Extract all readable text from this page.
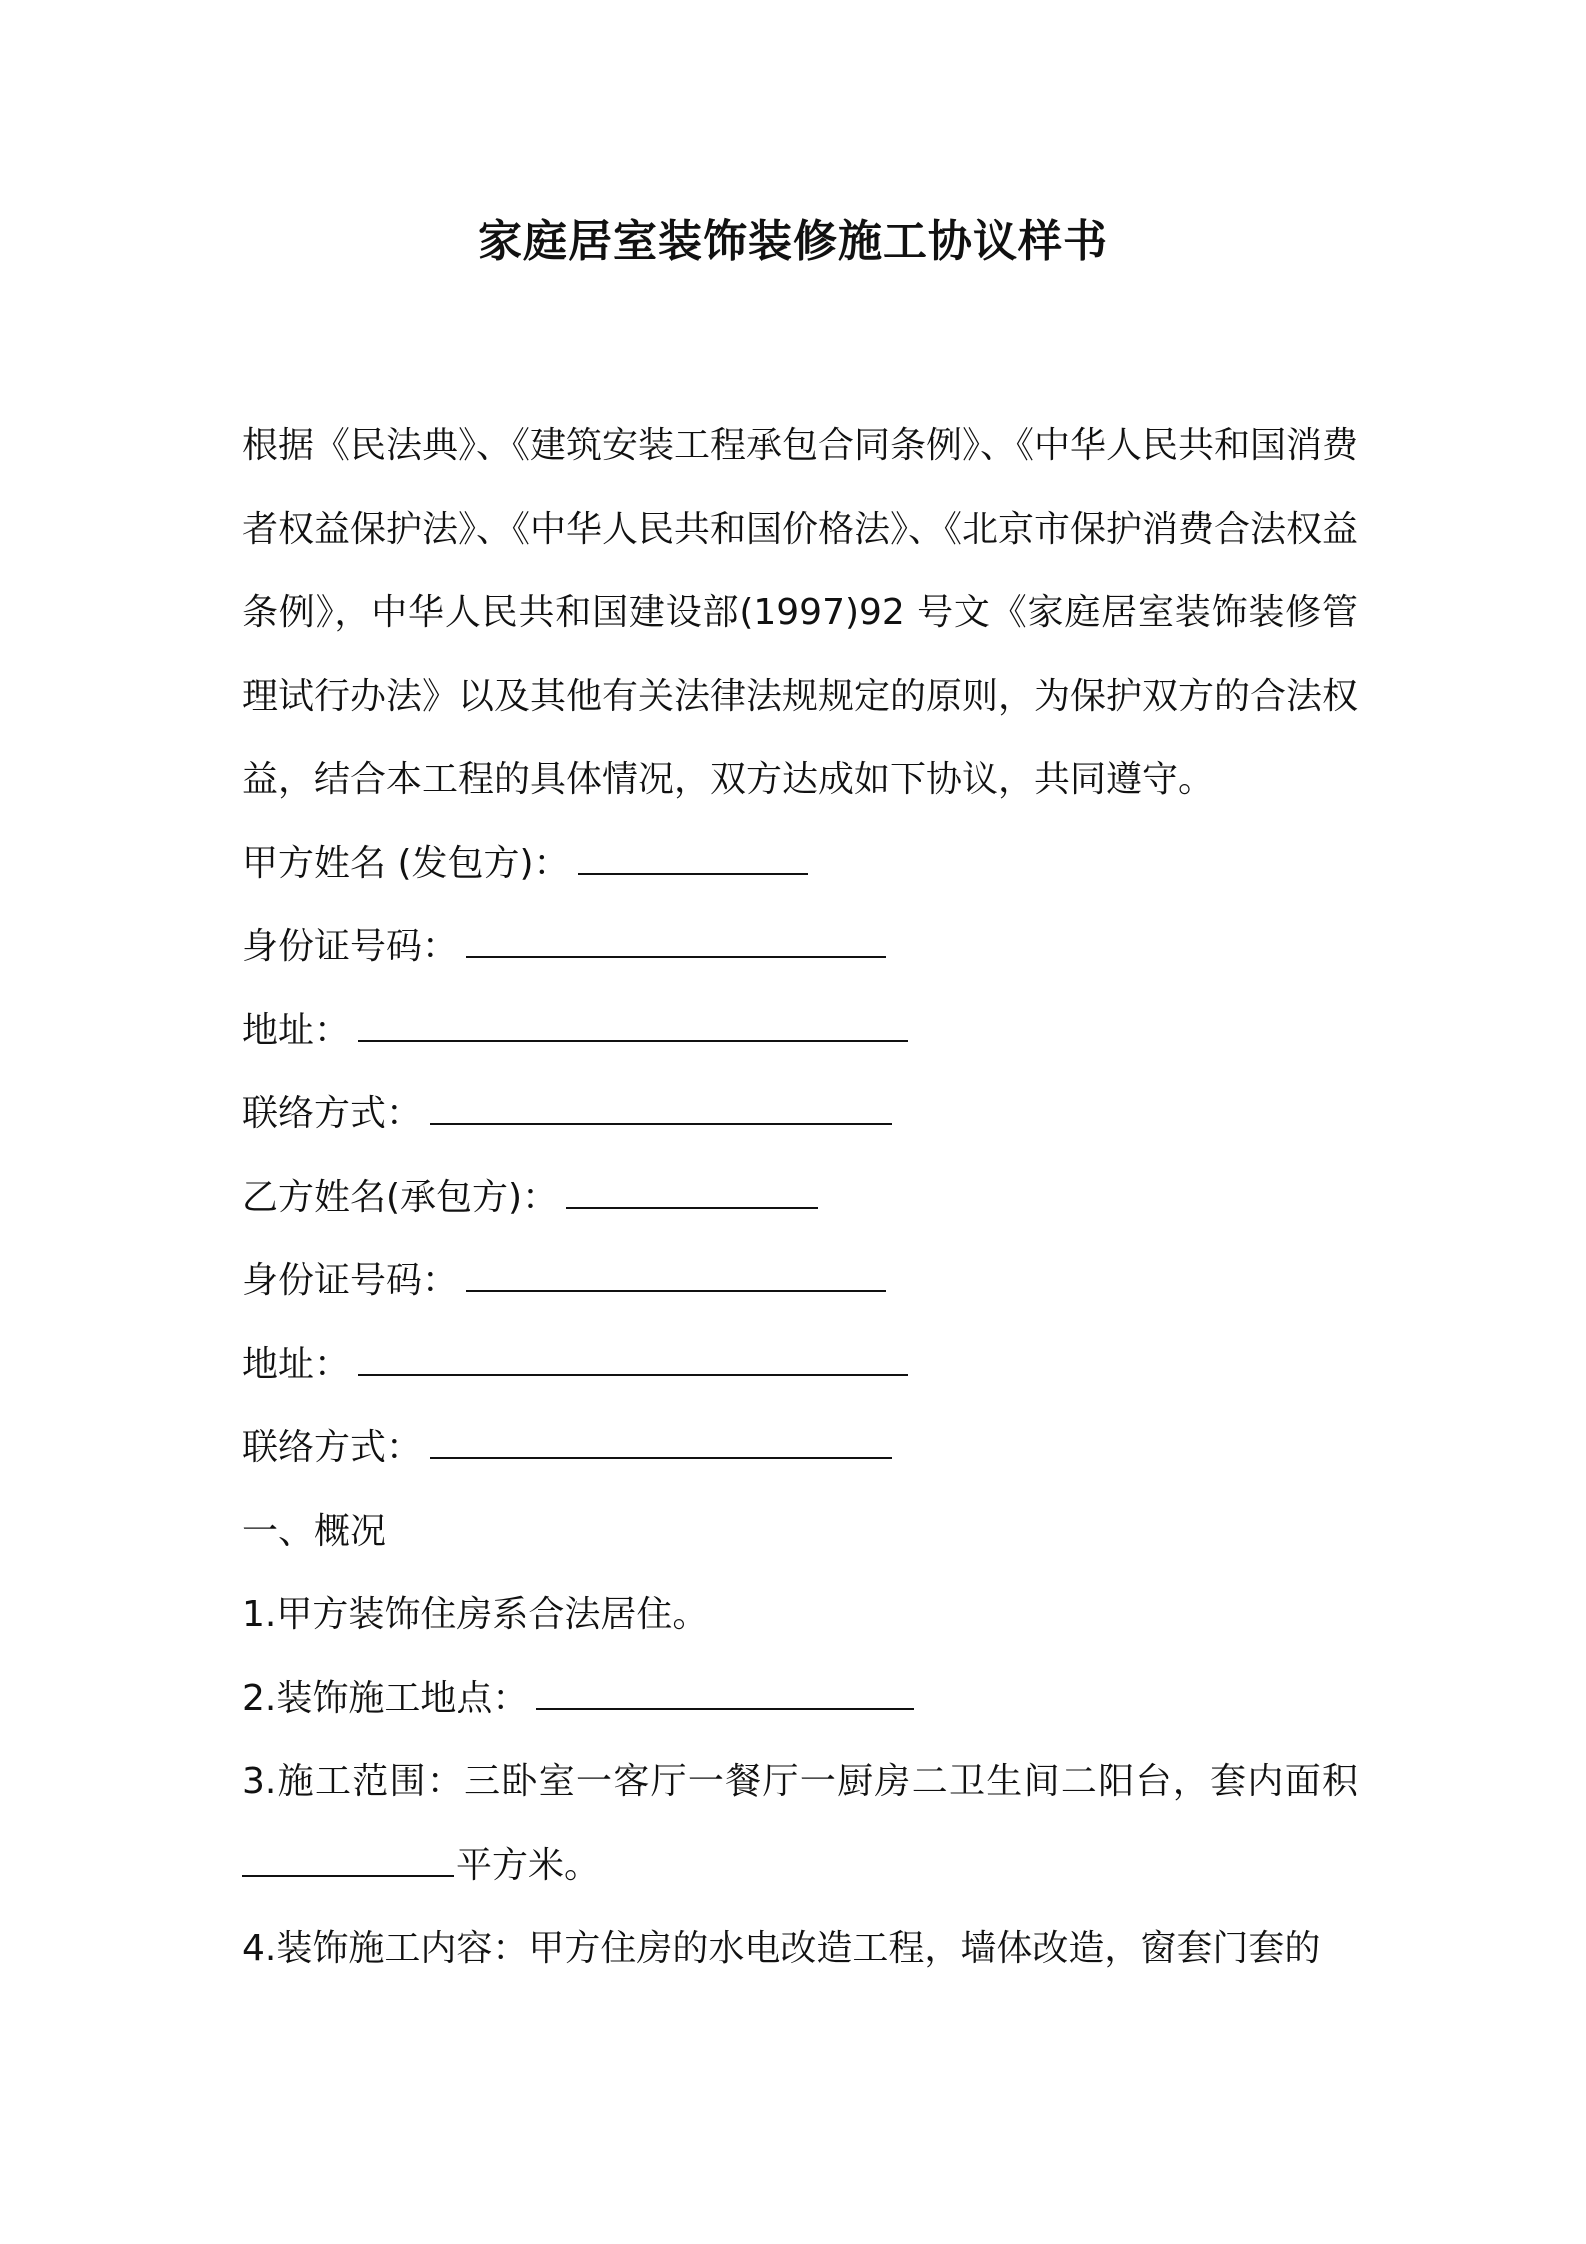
家庭居室装饰装修施工协议样书

根据《民法典》、《建筑安装工程承包合同条例》、《中华人民共和国消费者权益保护法》、《中华人民共和国价格法》、《北京市保护消费合法权益条例》，中华人民共和国建设部(1997)92 号文《家庭居室装饰装修管理试行办法》以及其他有关法律法规规定的原则，为保护双方的合法权益，结合本工程的具体情况，双方达成如下协议，共同遵守。

甲方姓名 (发包方)：

身份证号码：

地址：

联络方式：

乙方姓名(承包方)：

身份证号码：

地址：

联络方式：

一、概况

1.甲方装饰住房系合法居住。

2.装饰施工地点：

3.施工范围：三卧室一客厅一餐厅一厨房二卫生间二阳台，套内面积平方米。

4.装饰施工内容：甲方住房的水电改造工程，墙体改造，窗套门套的
